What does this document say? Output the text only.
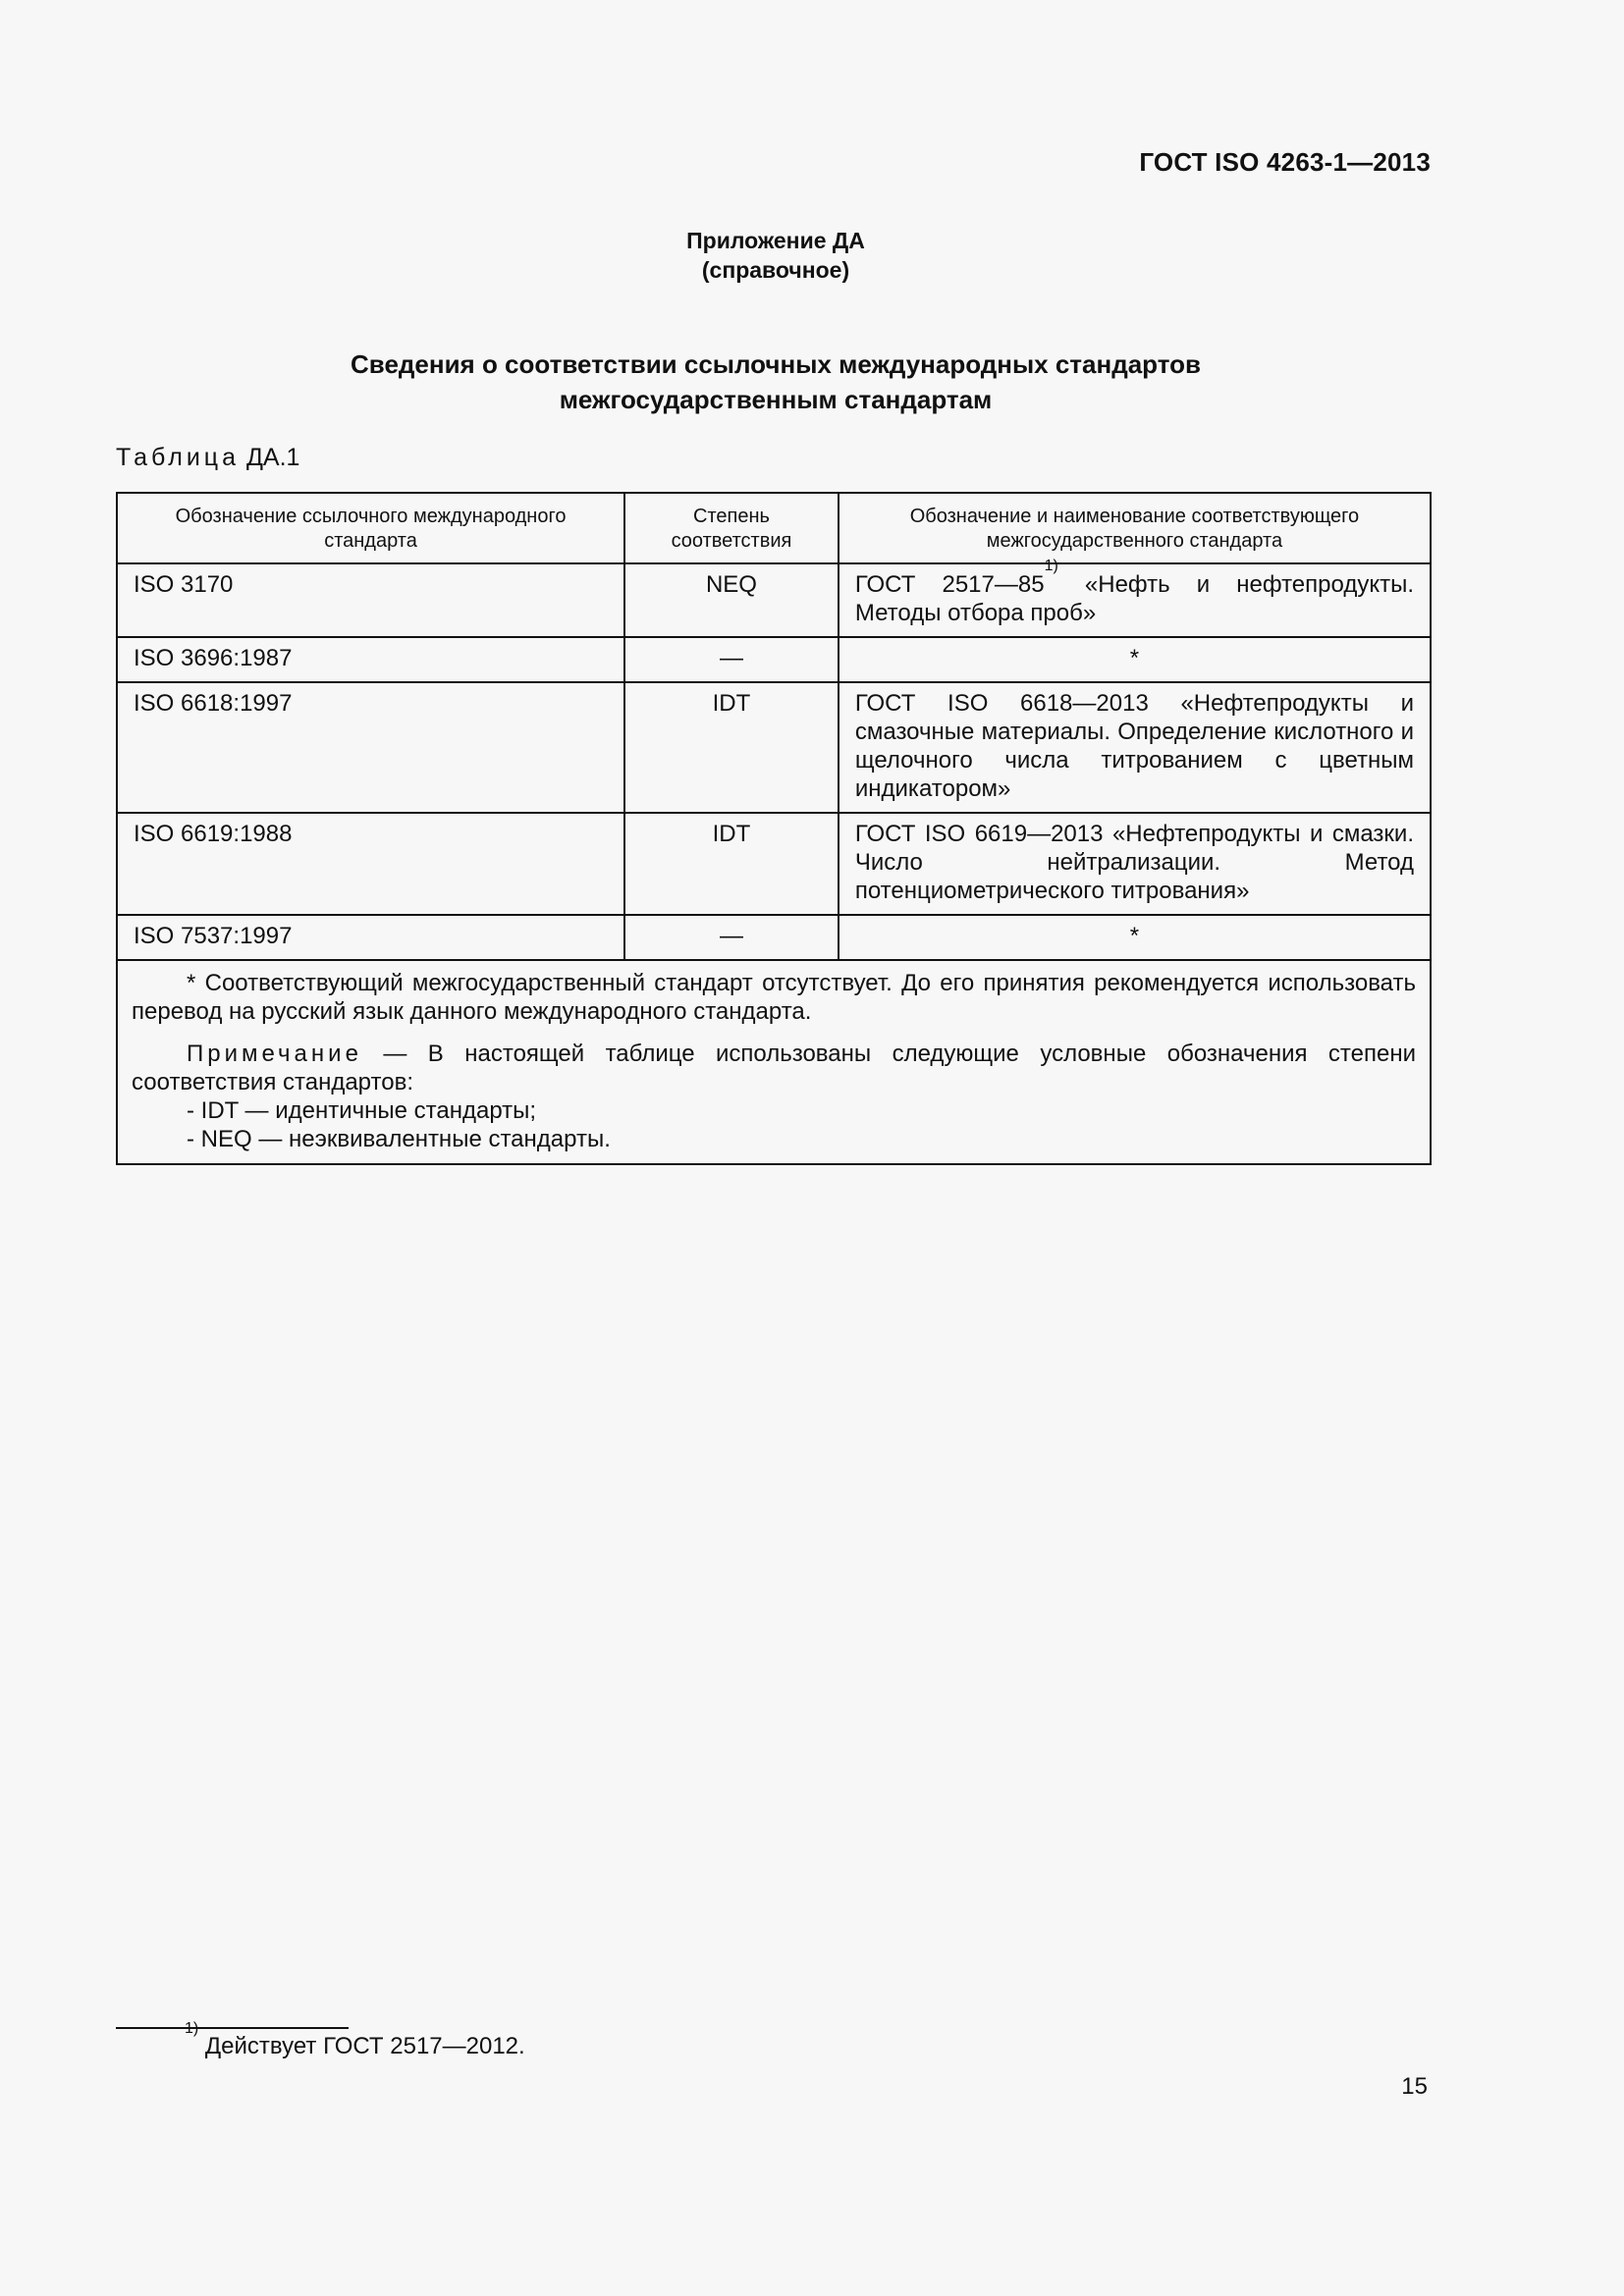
ГОСТ ISO 4263-1—2013
Приложение ДА
(справочное)
Сведения о соответствии ссылочных международных стандартов
межгосударственным стандартам
Таблица ДА.1
Обозначение ссылочного международного стандарта	Степень соответствия	Обозначение и наименование соответствующего межгосударственного стандарта
ISO 3170	NEQ	ГОСТ 2517—85$^{1)}$ «Нефть и нефтепродукты. Методы отбора проб»
ISO 3696:1987	—	*
ISO 6618:1997	IDT	ГОСТ ISO 6618—2013 «Нефтепродукты и смазочные материалы. Определение кислотного и щелочного числа титрованием с цветным индикатором»
ISO 6619:1988	IDT	ГОСТ ISO 6619—2013 «Нефтепродукты и смазки. Число нейтрализации. Метод потенциометрического титрования»
ISO 7537:1997	—	*

* Соответствующий межгосударственный стандарт отсутствует. До его принятия рекомендуется использовать перевод на русский язык данного международного стандарта.

Примечание — В настоящей таблице использованы следующие условные обозначения степени соответствия стандартов:

- IDT — идентичные стандарты;

- NEQ — неэквивалентные стандарты.		

$^{1)}$ Действует ГОСТ 2517—2012.
15
